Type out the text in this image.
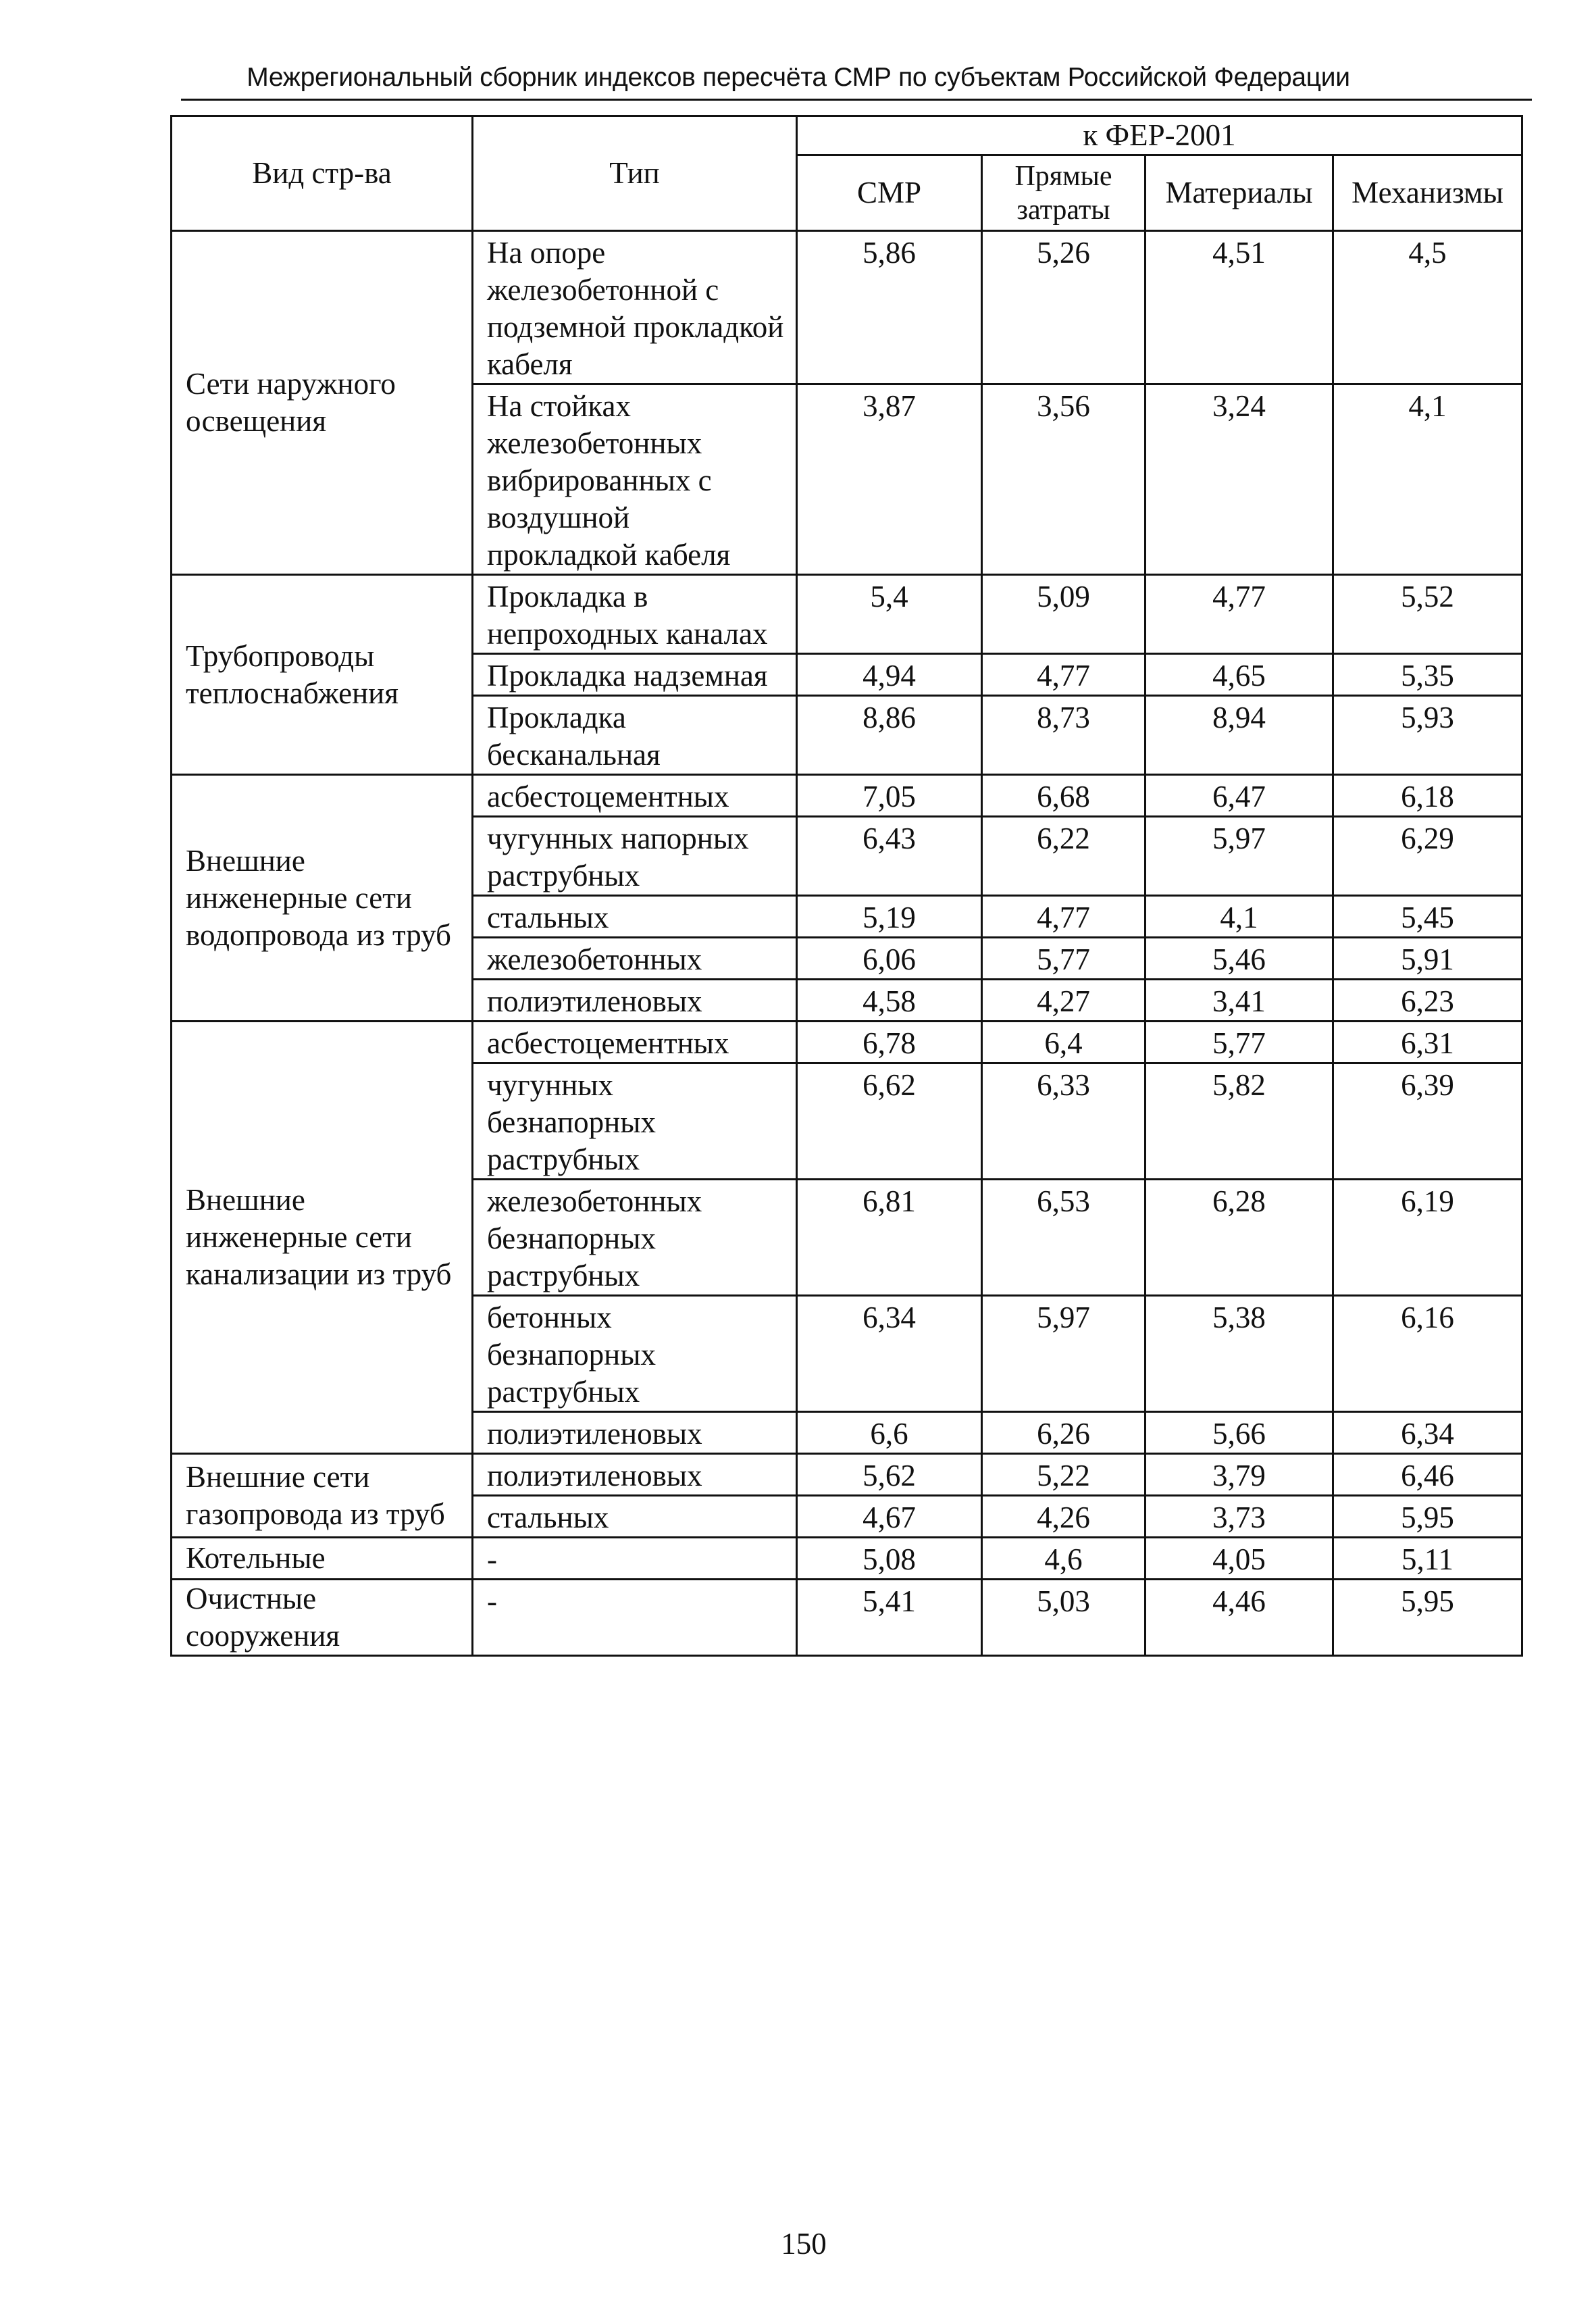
Межрегиональный сборник индексов пересчёта СМР по субъектам Российской Федерации
Вид стр-ва	Тип	к ФЕР-2001			
		СМР	Прямые затраты	Материалы	Механизмы
Сети наружного освещения	На опоре железобетонной с подземной прокладкой кабеля	5,86	5,26	4,51	4,5
	На стойках железобетонных вибрированных с воздушной прокладкой кабеля	3,87	3,56	3,24	4,1
Трубопроводы теплоснабжения	Прокладка в непроходных каналах	5,4	5,09	4,77	5,52
	Прокладка надземная	4,94	4,77	4,65	5,35
	Прокладка бесканальная	8,86	8,73	8,94	5,93
Внешние инженерные сети водопровода из труб	асбестоцементных	7,05	6,68	6,47	6,18
	чугунных напорных раструбных	6,43	6,22	5,97	6,29
	стальных	5,19	4,77	4,1	5,45
	железобетонных	6,06	5,77	5,46	5,91
	полиэтиленовых	4,58	4,27	3,41	6,23
Внешние инженерные сети канализации из труб	асбестоцементных	6,78	6,4	5,77	6,31
	чугунных безнапорных раструбных	6,62	6,33	5,82	6,39
	железобетонных безнапорных раструбных	6,81	6,53	6,28	6,19
	бетонных безнапорных раструбных	6,34	5,97	5,38	6,16
	полиэтиленовых	6,6	6,26	5,66	6,34
Внешние сети газопровода из труб	полиэтиленовых	5,62	5,22	3,79	6,46
	стальных	4,67	4,26	3,73	5,95
Котельные	-	5,08	4,6	4,05	5,11
Очистные сооружения	-	5,41	5,03	4,46	5,95
150
